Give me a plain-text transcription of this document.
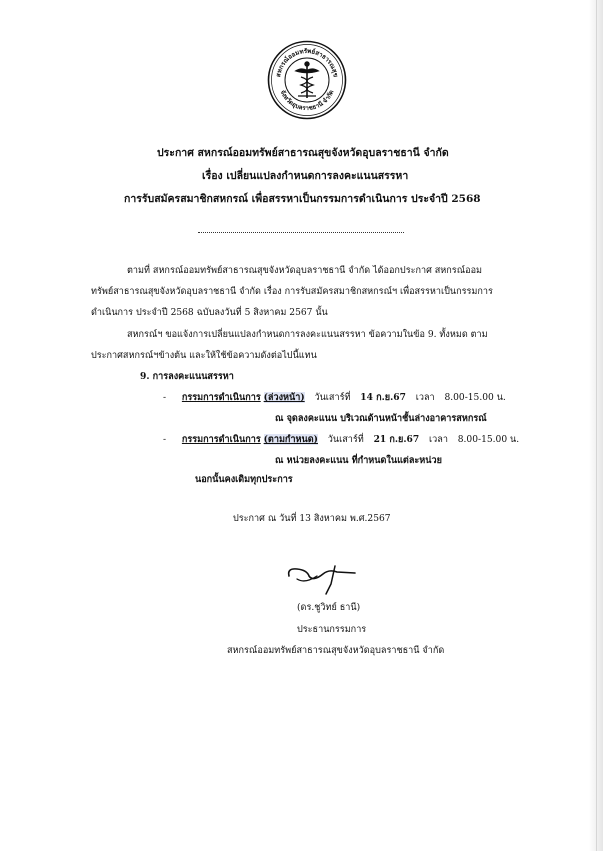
สหกรณ์ออมทรัพย์สาธารณสุข
จังหวัดอุบลราชธานี จำกัด
ประกาศ สหกรณ์ออมทรัพย์สาธารณสุขจังหวัดอุบลราชธานี จำกัด
เรื่อง เปลี่ยนแปลงกำหนดการลงคะแนนสรรหา
การรับสมัครสมาชิกสหกรณ์ เพื่อสรรหาเป็นกรรมการดำเนินการ ประจำปี 2568
ตามที่ สหกรณ์ออมทรัพย์สาธารณสุขจังหวัดอุบลราชธานี จำกัด ได้ออกประกาศ สหกรณ์ออม
ทรัพย์สาธารณสุขจังหวัดอุบลราชธานี จำกัด เรื่อง การรับสมัครสมาชิกสหกรณ์ฯ เพื่อสรรหาเป็นกรรมการ
ดำเนินการ ประจำปี 2568 ฉบับลงวันที่ 5 สิงหาคม 2567 นั้น
สหกรณ์ฯ ขอแจ้งการเปลี่ยนแปลงกำหนดการลงคะแนนสรรหา ข้อความในข้อ 9. ทั้งหมด ตาม
ประกาศสหกรณ์ฯข้างต้น และให้ใช้ข้อความดังต่อไปนี้แทน
9. การลงคะแนนสรรหา
- กรรมการดำเนินการ (ล่วงหน้า) วันเสาร์ที่ 14 ก.ย.67 เวลา 8.00-15.00 น.
ณ จุดลงคะแนน บริเวณด้านหน้าชั้นล่างอาคารสหกรณ์
- กรรมการดำเนินการ (ตามกำหนด) วันเสาร์ที่ 21 ก.ย.67 เวลา 8.00-15.00 น.
ณ หน่วยลงคะแนน ที่กำหนดในแต่ละหน่วย
นอกนั้นคงเดิมทุกประการ
ประกาศ ณ วันที่ 13 สิงหาคม พ.ศ.2567
(ดร.ชูวิทย์ ธานี)
ประธานกรรมการ
สหกรณ์ออมทรัพย์สาธารณสุขจังหวัดอุบลราชธานี จำกัด
